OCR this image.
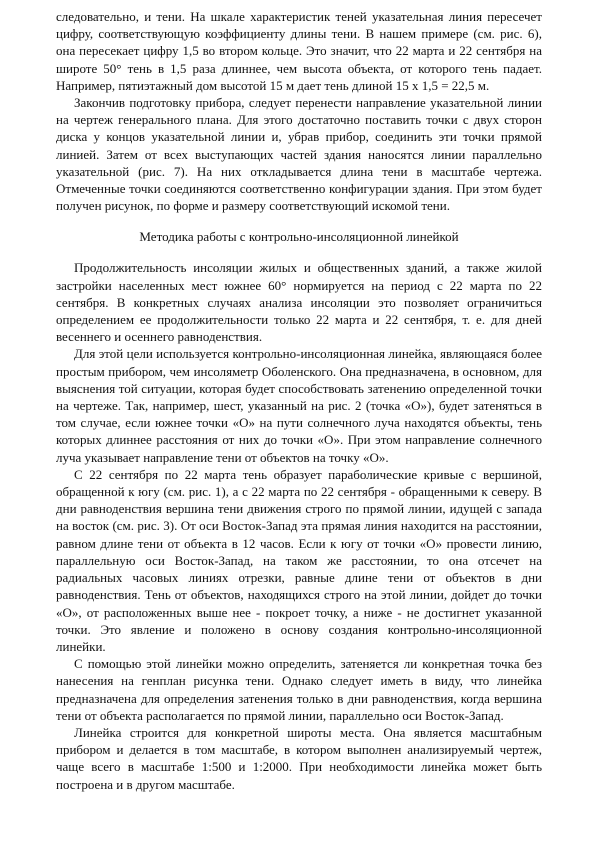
следовательно, и тени. На шкале характеристик теней указательная линия пересечет цифру, соответствующую коэффициенту длины тени. В нашем примере (см. рис. 6), она пересекает цифру 1,5 во втором кольце. Это значит, что 22 марта и 22 сентября на широте 50° тень в 1,5 раза длиннее, чем высота объекта, от которого тень падает. Например, пятиэтажный дом высотой 15 м дает тень длиной 15 х 1,5 = 22,5 м.

Закончив подготовку прибора, следует перенести направление указательной линии на чертеж генерального плана. Для этого достаточно поставить точки с двух сторон диска у концов указательной линии и, убрав прибор, соединить эти точки прямой линией. Затем от всех выступающих частей здания наносятся линии параллельно указательной (рис. 7). На них откладывается длина тени в масштабе чертежа. Отмеченные точки соединяются соответственно конфигурации здания. При этом будет получен рисунок, по форме и размеру соответствующий искомой тени.

Методика работы с контрольно-инсоляционной линейкой

Продолжительность инсоляции жилых и общественных зданий, а также жилой застройки населенных мест южнее 60° нормируется на период с 22 марта по 22 сентября. В конкретных случаях анализа инсоляции это позволяет ограничиться определением ее продолжительности только 22 марта и 22 сентября, т. е. для дней весеннего и осеннего равноденствия.

Для этой цели используется контрольно-инсоляционная линейка, являющаяся более простым прибором, чем инсоляметр Оболенского. Она предназначена, в основном, для выяснения той ситуации, которая будет способствовать затенению определенной точки на чертеже. Так, например, шест, указанный на рис. 2 (точка «О»), будет затеняться в том случае, если южнее точки «О» на пути солнечного луча находятся объекты, тень которых длиннее расстояния от них до точки «О». При этом направление солнечного луча указывает направление тени от объектов на точку «О».

С 22 сентября по 22 марта тень образует параболические кривые с вершиной, обращенной к югу (см. рис. 1), а с 22 марта по 22 сентября - обращенными к северу. В дни равноденствия вершина тени движения строго по прямой линии, идущей с запада на восток (см. рис. 3). От оси Восток-Запад эта прямая линия находится на расстоянии, равном длине тени от объекта в 12 часов. Если к югу от точки «О» провести линию, параллельную оси Восток-Запад, на таком же расстоянии, то она отсечет на радиальных часовых линиях отрезки, равные длине тени от объектов в дни равноденствия. Тень от объектов, находящихся строго на этой линии, дойдет до точки «О», от расположенных выше нее - покроет точку, а ниже - не достигнет указанной точки. Это явление и положено в основу создания контрольно-инсоляционной линейки.

С помощью этой линейки можно определить, затеняется ли конкретная точка без нанесения на генплан рисунка тени. Однако следует иметь в виду, что линейка предназначена для определения затенения только в дни равноденствия, когда вершина тени от объекта располагается по прямой линии, параллельно оси Восток-Запад.

Линейка строится для конкретной широты места. Она является масштабным прибором и делается в том масштабе, в котором выполнен анализируемый чертеж, чаще всего в масштабе 1:500 и 1:2000. При необходимости линейка может быть построена и в другом масштабе.
